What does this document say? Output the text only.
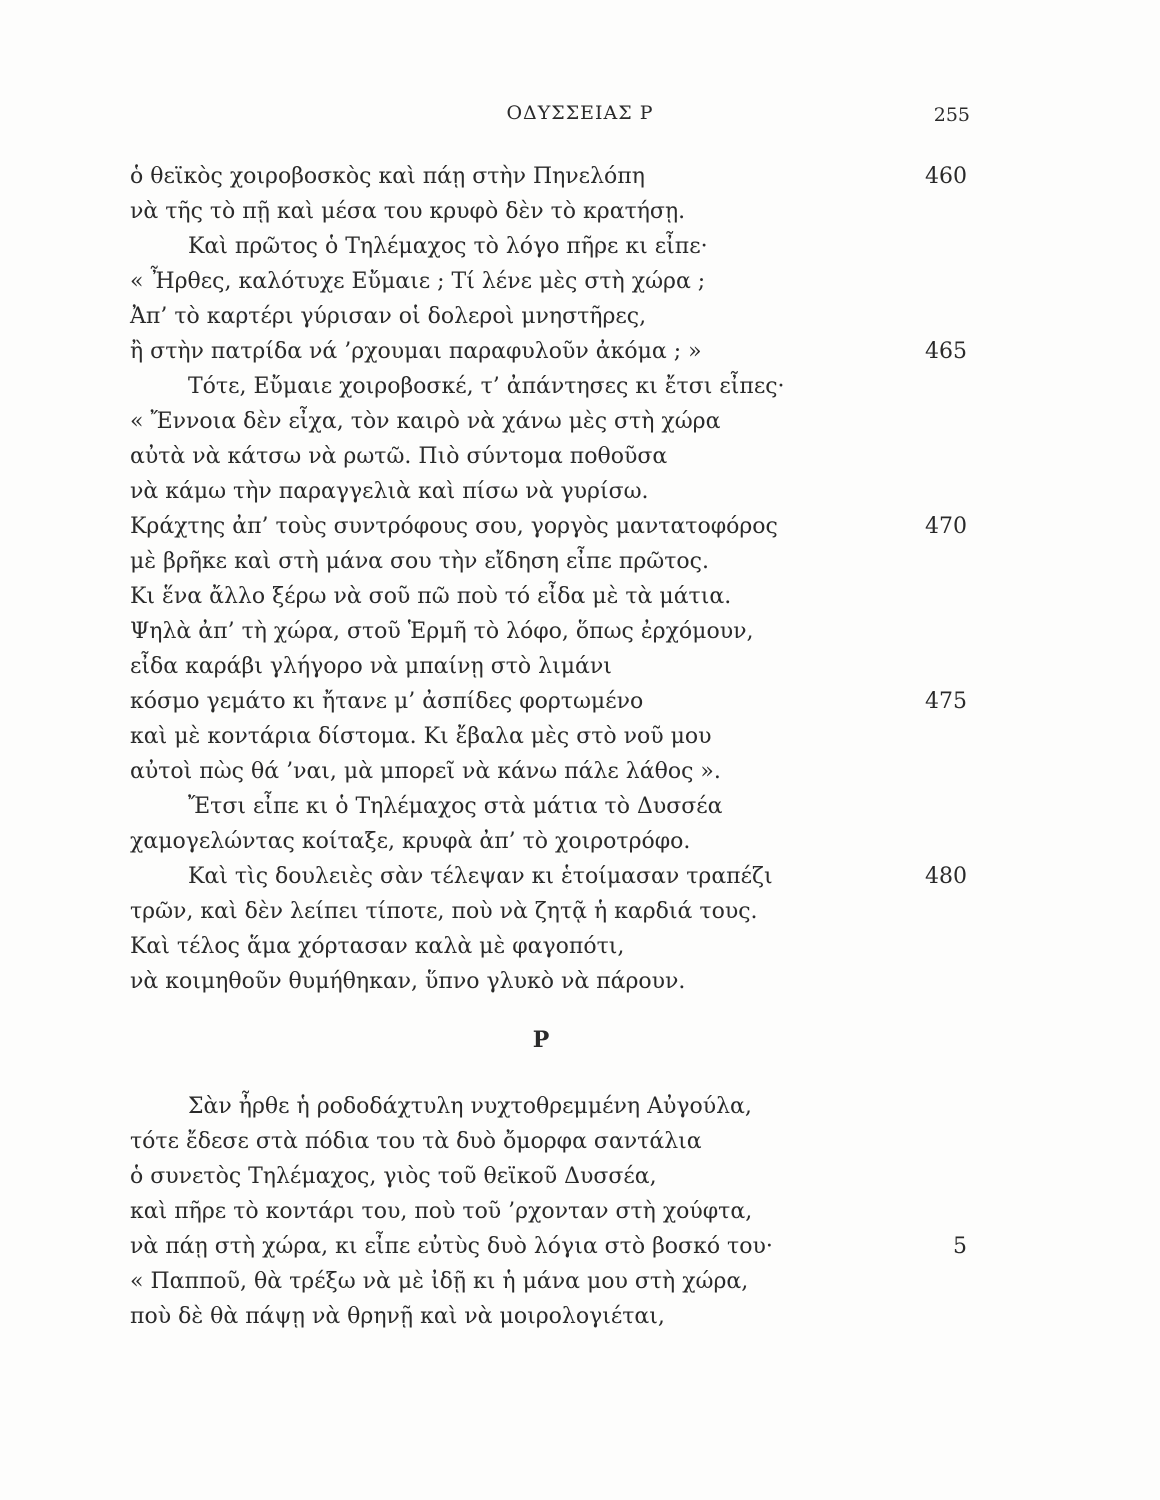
ΟΔΥΣΣΕΙΑΣ Ρ	255
ὁ θεϊκὸς χοιροβοσκὸς καὶ πάῃ στὴν Πηνελόπη
νὰ τῆς τὸ πῇ καὶ μέσα του κρυφὸ δὲν τὸ κρατήσῃ.
Καὶ πρῶτος ὁ Τηλέμαχος τὸ λόγο πῆρε κι εἶπε·
« Ἦρθες, καλότυχε Εὔμαιε ; Τί λένε μὲς στὴ χώρα ;
Ἀπ’ τὸ καρτέρι γύρισαν οἱ δολεροὶ μνηστῆρες,
ἢ στὴν πατρίδα νά ’ρχουμαι παραφυλοῦν ἀκόμα ; »
Τότε, Εὔμαιε χοιροβοσκέ, τ’ ἀπάντησες κι ἔτσι εἶπες·
« Ἔννοια δὲν εἶχα, τὸν καιρὸ νὰ χάνω μὲς στὴ χώρα
αὐτὰ νὰ κάτσω νὰ ρωτῶ. Πιὸ σύντομα ποθοῦσα
νὰ κάμω τὴν παραγγελιὰ καὶ πίσω νὰ γυρίσω.
Κράχτης ἀπ’ τοὺς συντρόφους σου, γοργὸς μαντατοφόρος
μὲ βρῆκε καὶ στὴ μάνα σου τὴν εἴδηση εἶπε πρῶτος.
Κι ἕνα ἄλλο ξέρω νὰ σοῦ πῶ ποὺ τό εἶδα μὲ τὰ μάτια.
Ψηλὰ ἀπ’ τὴ χώρα, στοῦ Ἑρμῆ τὸ λόφο, ὅπως ἐρχόμουν,
εἶδα καράβι γλήγορο νὰ μπαίνῃ στὸ λιμάνι
κόσμο γεμάτο κι ἤτανε μ’ ἀσπίδες φορτωμένο
καὶ μὲ κοντάρια δίστομα. Κι ἔβαλα μὲς στὸ νοῦ μου
αὐτοὶ πὼς θά ’ναι, μὰ μπορεῖ νὰ κάνω πάλε λάθος ».
Ἔτσι εἶπε κι ὁ Τηλέμαχος στὰ μάτια τὸ Δυσσέα
χαμογελώντας κοίταξε, κρυφὰ ἀπ’ τὸ χοιροτρόφο.
Καὶ τὶς δουλειὲς σὰν τέλεψαν κι ἑτοίμασαν τραπέζι
τρῶν, καὶ δὲν λείπει τίποτε, ποὺ νὰ ζητᾷ ἡ καρδιά τους.
Καὶ τέλος ἅμα χόρτασαν καλὰ μὲ φαγοπότι,
νὰ κοιμηθοῦν θυμήθηκαν, ὕπνο γλυκὸ νὰ πάρουν.
460
465
470
475
480
Ρ
Σὰν ἦρθε ἡ ροδοδάχτυλη νυχτοθρεμμένη Αὐγούλα,
τότε ἔδεσε στὰ πόδια του τὰ δυὸ ὄμορφα σαντάλια
ὁ συνετὸς Τηλέμαχος, γιὸς τοῦ θεϊκοῦ Δυσσέα,
καὶ πῆρε τὸ κοντάρι του, ποὺ τοῦ ’ρχονταν στὴ χούφτα,
νὰ πάῃ στὴ χώρα, κι εἶπε εὐτὺς δυὸ λόγια στὸ βοσκό του·
« Παπποῦ, θὰ τρέξω νὰ μὲ ἰδῇ κι ἡ μάνα μου στὴ χώρα,
ποὺ δὲ θὰ πάψῃ νὰ θρηνῇ καὶ νὰ μοιρολογιέται,
5
